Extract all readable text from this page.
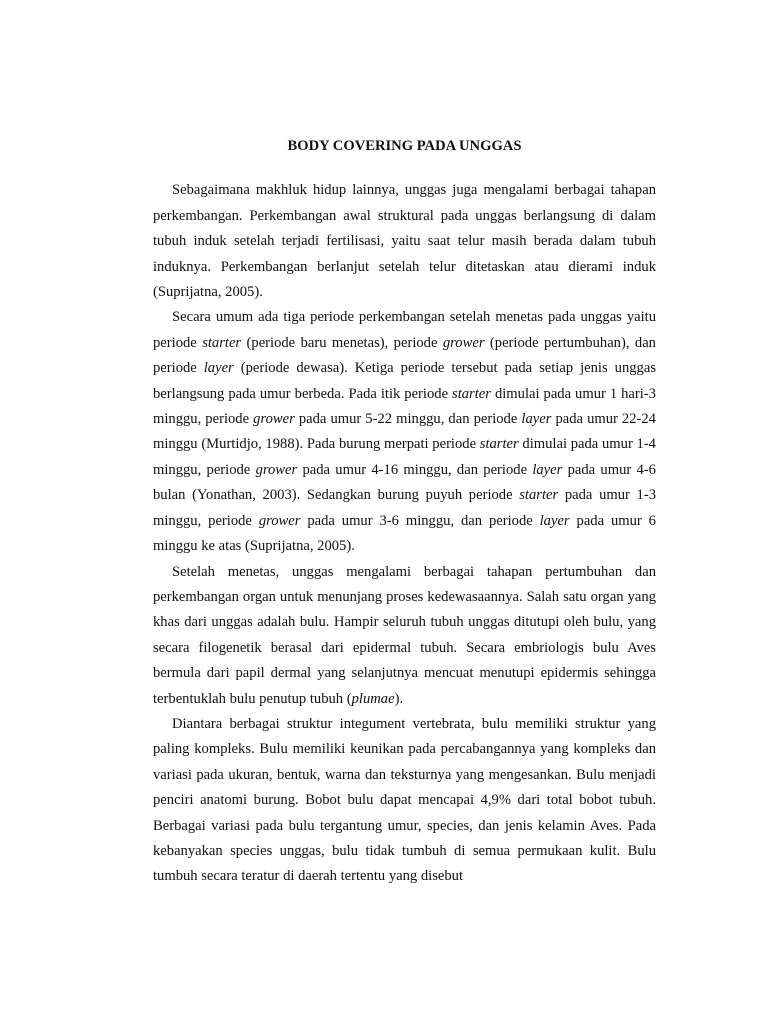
BODY COVERING PADA UNGGAS

Sebagaimana makhluk hidup lainnya, unggas juga mengalami berbagai tahapan perkembangan. Perkembangan awal struktural pada unggas berlangsung di dalam tubuh induk setelah terjadi fertilisasi, yaitu saat telur masih berada dalam tubuh induknya. Perkembangan berlanjut setelah telur ditetaskan atau dierami induk (Suprijatna, 2005).

Secara umum ada tiga periode perkembangan setelah menetas pada unggas yaitu periode starter (periode baru menetas), periode grower (periode pertumbuhan), dan periode layer (periode dewasa). Ketiga periode tersebut pada setiap jenis unggas berlangsung pada umur berbeda. Pada itik periode starter dimulai pada umur 1 hari-3 minggu, periode grower pada umur 5-22 minggu, dan periode layer pada umur 22-24 minggu (Murtidjo, 1988). Pada burung merpati periode starter dimulai pada umur 1-4 minggu, periode grower pada umur 4-16 minggu, dan periode layer pada umur 4-6 bulan (Yonathan, 2003). Sedangkan burung puyuh periode starter pada umur 1-3 minggu, periode grower pada umur 3-6 minggu, dan periode layer pada umur 6 minggu ke atas (Suprijatna, 2005).

Setelah menetas, unggas mengalami berbagai tahapan pertumbuhan dan perkembangan organ untuk menunjang proses kedewasaannya. Salah satu organ yang khas dari unggas adalah bulu. Hampir seluruh tubuh unggas ditutupi oleh bulu, yang secara filogenetik berasal dari epidermal tubuh. Secara embriologis bulu Aves bermula dari papil dermal yang selanjutnya mencuat menutupi epidermis sehingga terbentuklah bulu penutup tubuh (plumae).

Diantara berbagai struktur integument vertebrata, bulu memiliki struktur yang paling kompleks. Bulu memiliki keunikan pada percabangannya yang kompleks dan variasi pada ukuran, bentuk, warna dan teksturnya yang mengesankan. Bulu menjadi penciri anatomi burung. Bobot bulu dapat mencapai 4,9% dari total bobot tubuh. Berbagai variasi pada bulu tergantung umur, species, dan jenis kelamin Aves. Pada kebanyakan species unggas, bulu tidak tumbuh di semua permukaan kulit. Bulu tumbuh secara teratur di daerah tertentu yang disebut
